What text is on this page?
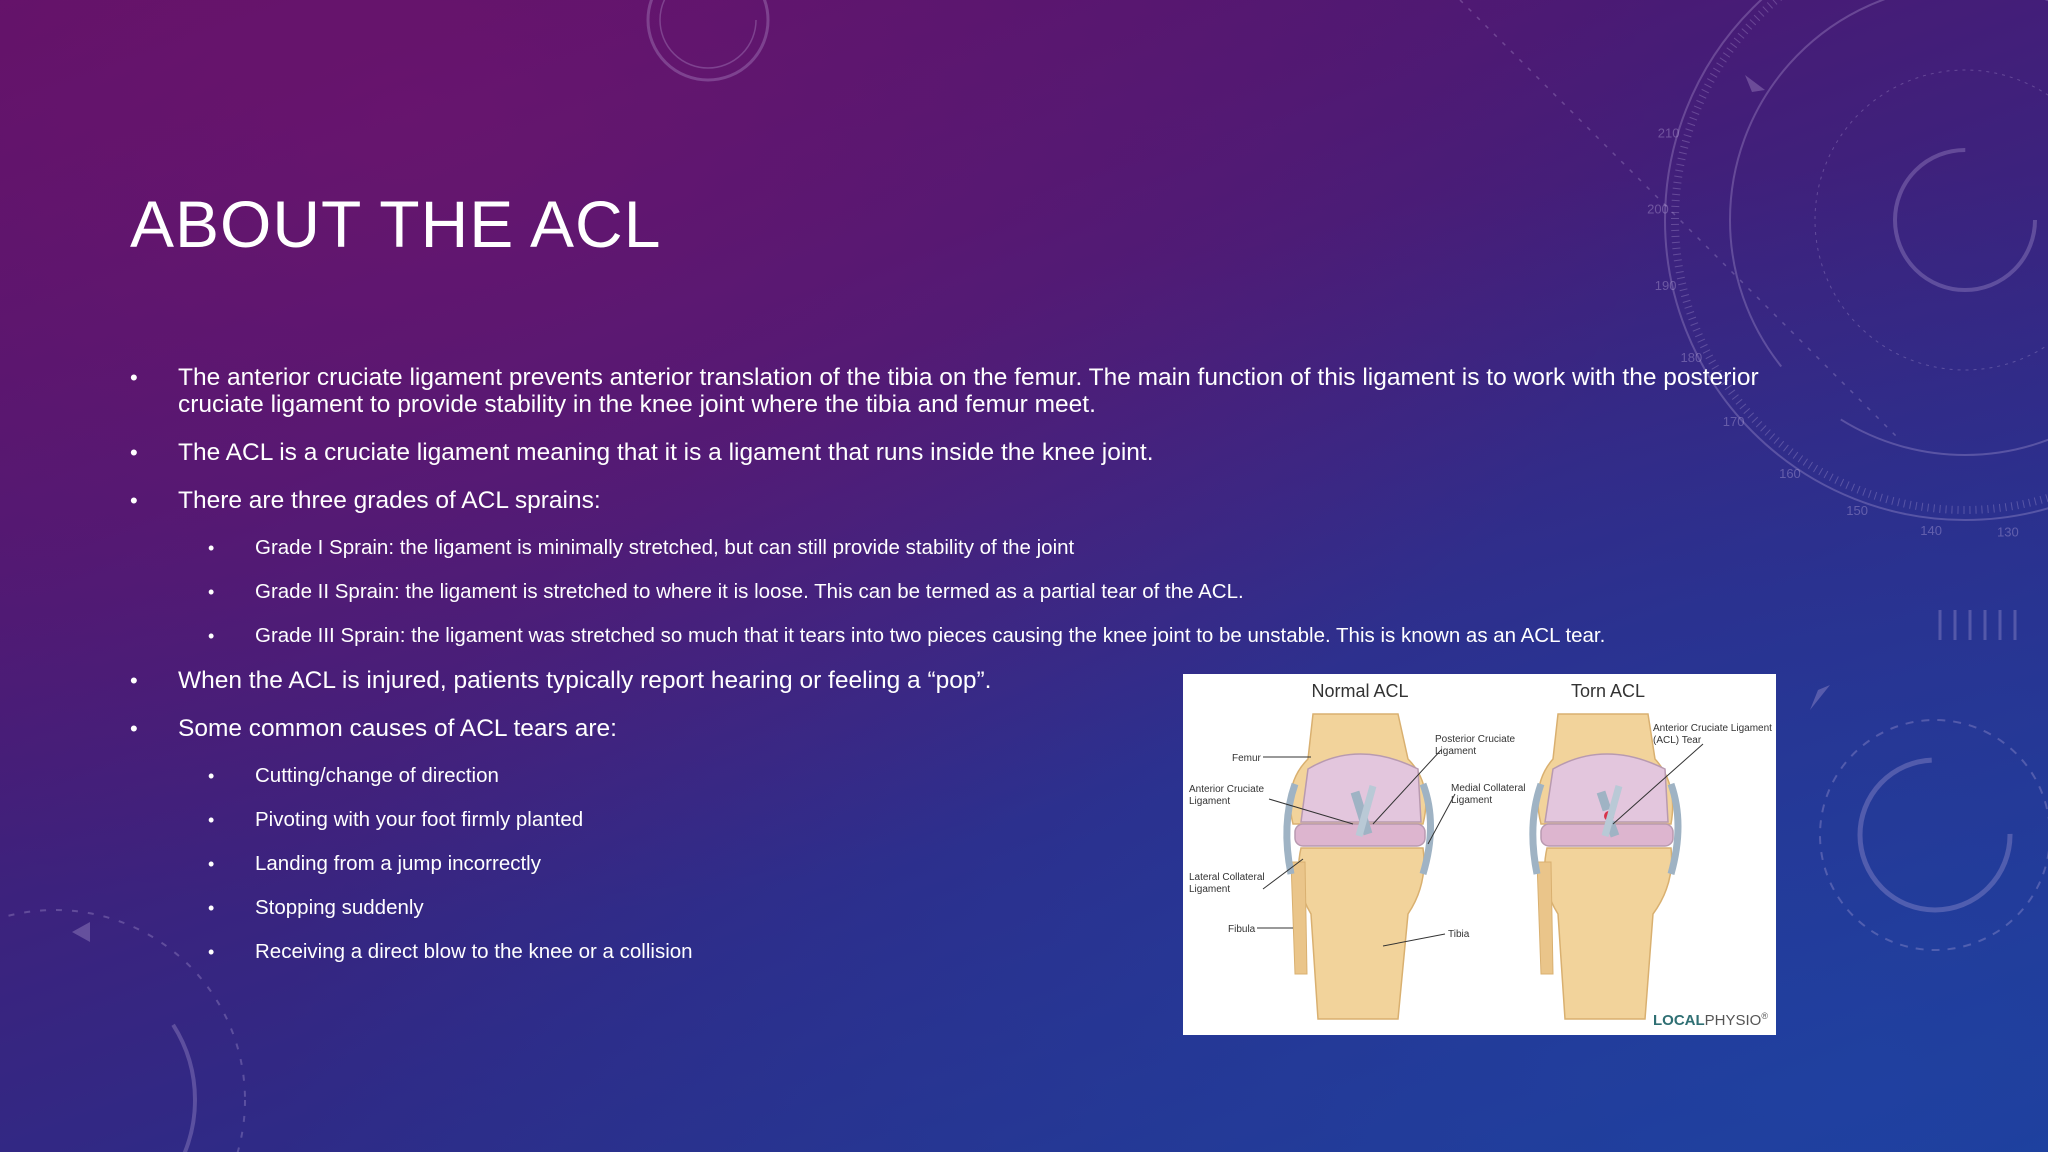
210
200
190
180
170
160
150
140	130
ABOUT THE ACL
• The anterior cruciate ligament prevents anterior translation of the tibia on the femur. The main function of this ligament is to work with the posterior cruciate ligament to provide stability in the knee joint where the tibia and femur meet.
• The ACL is a cruciate ligament meaning that it is a ligament that runs inside the knee joint.
• There are three grades of ACL sprains:
• Grade I Sprain: the ligament is minimally stretched, but can still provide stability of the joint
• Grade II Sprain: the ligament is stretched to where it is loose. This can be termed as a partial tear of the ACL.
• Grade III Sprain: the ligament was stretched so much that it tears into two pieces causing the knee joint to be unstable. This is known as an ACL tear.
• When the ACL is injured, patients typically report hearing or feeling a “pop”.
• Some common causes of ACL tears are:
• Cutting/change of direction
• Pivoting with your foot firmly planted
• Landing from a jump incorrectly
• Stopping suddenly
• Receiving a direct blow to the knee or a collision
Normal ACL	Torn ACL
Femur
Anterior Cruciate Ligament
Posterior Cruciate Ligament
Medial Collateral Ligament
Lateral Collateral Ligament
Fibula	Tibia
Anterior Cruciate Ligament (ACL) Tear
LOCALPHYSIO®
